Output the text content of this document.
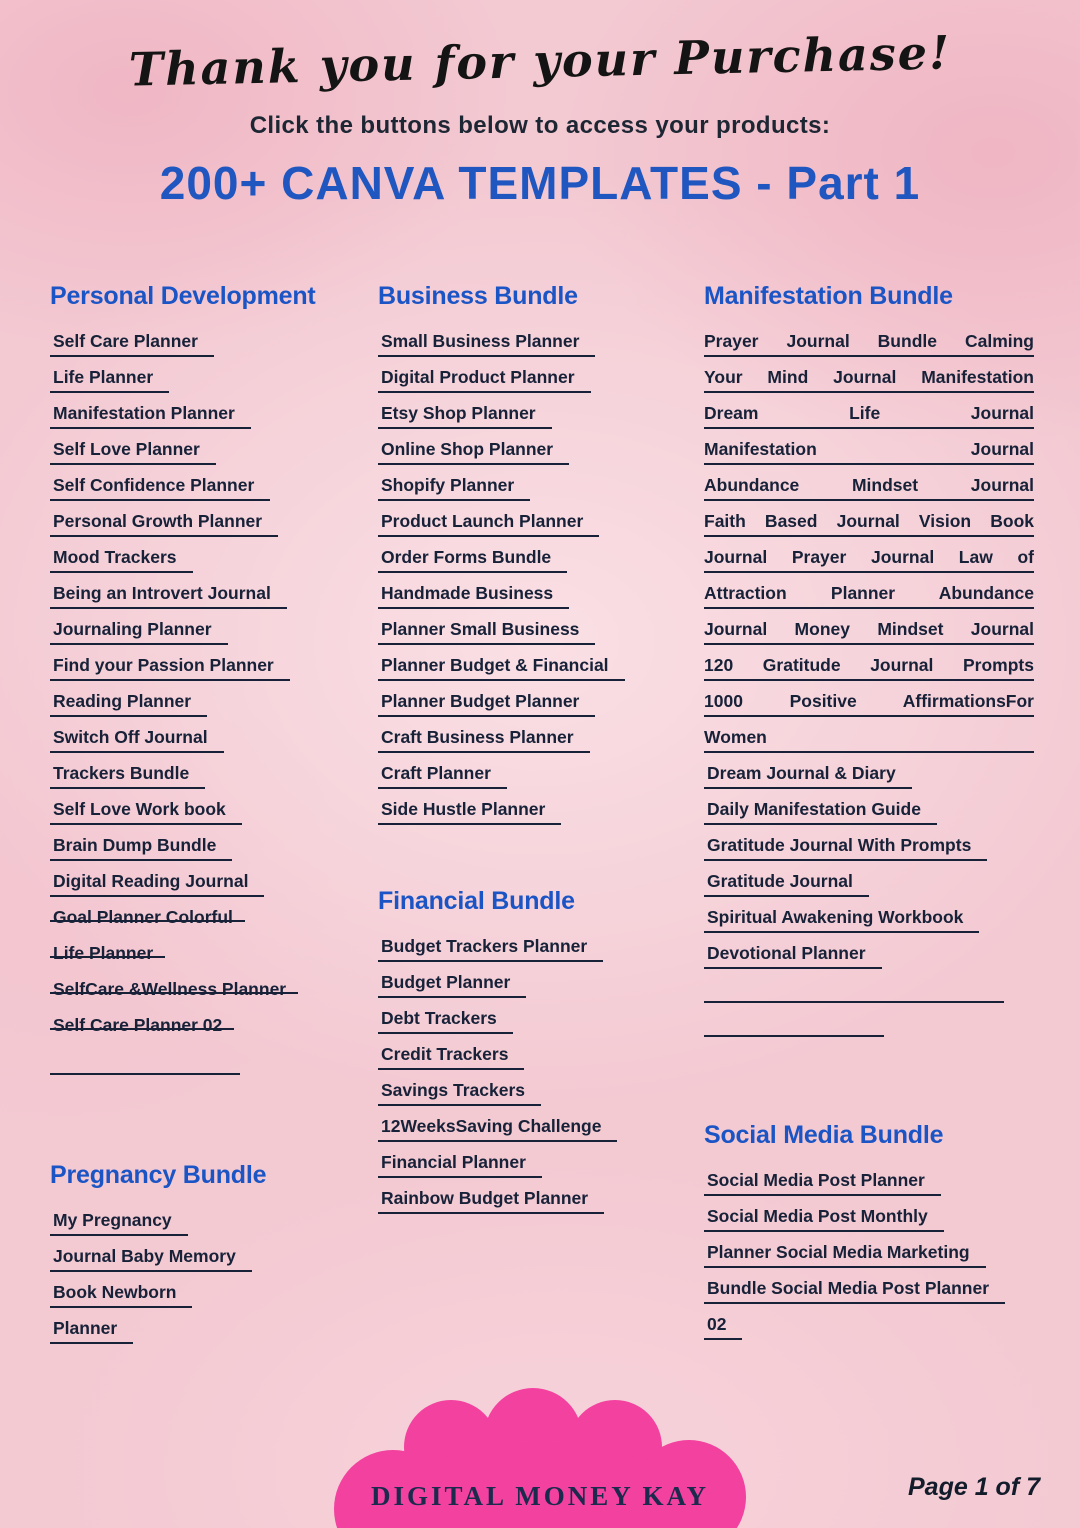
Thank you for your Purchase!
Click the buttons below to access your products:
200+ CANVA TEMPLATES - Part 1
Personal Development
Self Care Planner
Life Planner
Manifestation Planner
Self Love Planner
Self Confidence Planner
Personal Growth Planner
Mood Trackers
Being an Introvert Journal
Journaling Planner
Find your Passion Planner
Reading Planner
Switch Off Journal
Trackers Bundle
Self Love Work book
Brain Dump Bundle
Digital Reading Journal
Goal Planner Colorful
Life Planner
SelfCare &Wellness Planner
Self Care Planner 02
Pregnancy Bundle
My Pregnancy
Journal Baby Memory
Book Newborn
Planner
Business Bundle
Small Business Planner
Digital Product Planner
Etsy Shop Planner
Online Shop Planner
Shopify Planner
Product Launch Planner
Order Forms Bundle
Handmade Business
Planner Small Business
Planner Budget & Financial
Planner Budget Planner
Craft Business Planner
Craft Planner
Side Hustle Planner
Financial Bundle
Budget Trackers Planner
Budget Planner
Debt Trackers
Credit Trackers
Savings Trackers
12WeeksSaving Challenge
Financial Planner
Rainbow Budget Planner
Manifestation Bundle
Prayer Journal Bundle Calming
Your Mind Journal Manifestation
Dream Life Journal
Manifestation Journal
Abundance Mindset Journal
Faith Based Journal Vision Book
Journal Prayer Journal Law of
Attraction Planner Abundance
Journal Money Mindset Journal
120 Gratitude Journal Prompts
1000 Positive AffirmationsFor
Women
Dream Journal & Diary
Daily Manifestation Guide
Gratitude Journal With Prompts
Gratitude Journal
Spiritual Awakening Workbook
Devotional Planner
Social Media Bundle
Social Media Post Planner
Social Media Post Monthly
Planner Social Media Marketing
Bundle Social Media Post Planner
02
DIGITAL MONEY KAY	Page 1 of 7
